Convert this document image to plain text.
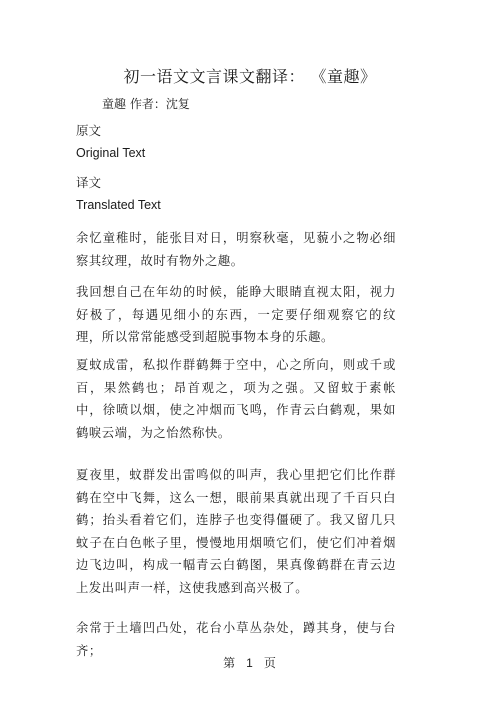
初一语文文言课文翻译： 《童趣》
童趣 作者：沈复
原文
Original Text
译文
Translated Text
余忆童稚时，能张目对日，明察秋毫，见藐小之物必细察其纹理，故时有物外之趣。
我回想自己在年幼的时候，能睁大眼睛直视太阳，视力好极了，每遇见细小的东西，一定要仔细观察它的纹理，所以常常能感受到超脱事物本身的乐趣。
夏蚊成雷，私拟作群鹤舞于空中，心之所向，则或千或百，果然鹤也；昂首观之，项为之强。又留蚊于素帐中，徐喷以烟，使之冲烟而飞鸣，作青云白鹤观，果如鹤唳云端，为之怡然称快。
夏夜里，蚊群发出雷鸣似的叫声，我心里把它们比作群鹤在空中飞舞，这么一想，眼前果真就出现了千百只白鹤；抬头看着它们，连脖子也变得僵硬了。我又留几只蚊子在白色帐子里，慢慢地用烟喷它们，使它们冲着烟边飞边叫，构成一幅青云白鹤图，果真像鹤群在青云边上发出叫声一样，这使我感到高兴极了。
余常于土墙凹凸处，花台小草丛杂处，蹲其身，使与台齐；
第 1 页
